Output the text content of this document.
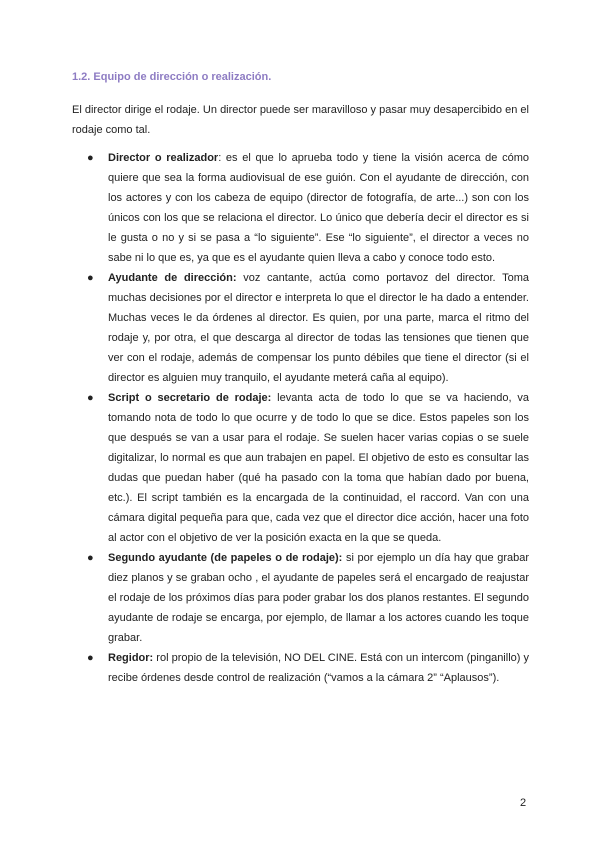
1.2. Equipo de dirección o realización.

El director dirige el rodaje. Un director puede ser maravilloso y pasar muy desapercibido en el rodaje como tal.

● Director o realizador: es el que lo aprueba todo y tiene la visión acerca de cómo quiere que sea la forma audiovisual de ese guión. Con el ayudante de dirección, con los actores y con los cabeza de equipo (director de fotografía, de arte...) son con los únicos con los que se relaciona el director. Lo único que debería decir el director es si le gusta o no y si se pasa a “lo siguiente”. Ese “lo siguiente”, el director a veces no sabe ni lo que es, ya que es el ayudante quien lleva a cabo y conoce todo esto.
● Ayudante de dirección: voz cantante, actúa como portavoz del director. Toma muchas decisiones por el director e interpreta lo que el director le ha dado a entender. Muchas veces le da órdenes al director. Es quien, por una parte, marca el ritmo del rodaje y, por otra, el que descarga al director de todas las tensiones que tienen que ver con el rodaje, además de compensar los punto débiles que tiene el director (si el director es alguien muy tranquilo, el ayudante meterá caña al equipo).
● Script o secretario de rodaje: levanta acta de todo lo que se va haciendo, va tomando nota de todo lo que ocurre y de todo lo que se dice. Estos papeles son los que después se van a usar para el rodaje. Se suelen hacer varias copias o se suele digitalizar, lo normal es que aun trabajen en papel. El objetivo de esto es consultar las dudas que puedan haber (qué ha pasado con la toma que habían dado por buena, etc.). El script también es la encargada de la continuidad, el raccord. Van con una cámara digital pequeña para que, cada vez que el director dice acción, hacer una foto al actor con el objetivo de ver la posición exacta en la que se queda.
● Segundo ayudante (de papeles o de rodaje): si por ejemplo un día hay que grabar diez planos y se graban ocho , el ayudante de papeles será el encargado de reajustar el rodaje de los próximos días para poder grabar los dos planos restantes. El segundo ayudante de rodaje se encarga, por ejemplo, de llamar a los actores cuando les toque grabar.
● Regidor: rol propio de la televisión, NO DEL CINE. Está con un intercom (pinganillo) y recibe órdenes desde control de realización (“vamos a la cámara 2” “Aplausos”).
2
